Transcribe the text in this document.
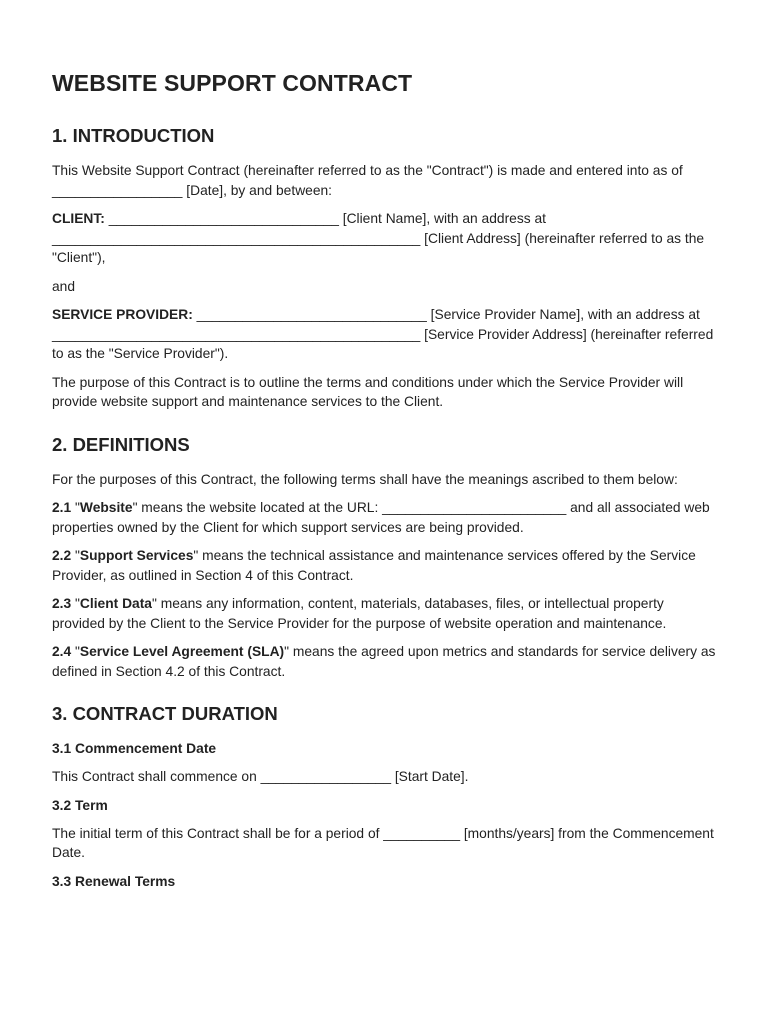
WEBSITE SUPPORT CONTRACT
1. INTRODUCTION

This Website Support Contract (hereinafter referred to as the "Contract") is made and entered into as of _________________ [Date], by and between:

CLIENT: ______________________________ [Client Name], with an address at ________________________________________________ [Client Address] (hereinafter referred to as the "Client"),

and

SERVICE PROVIDER: ______________________________ [Service Provider Name], with an address at ________________________________________________ [Service Provider Address] (hereinafter referred to as the "Service Provider").

The purpose of this Contract is to outline the terms and conditions under which the Service Provider will provide website support and maintenance services to the Client.

2. DEFINITIONS

For the purposes of this Contract, the following terms shall have the meanings ascribed to them below:

2.1 "Website" means the website located at the URL: ________________________ and all associated web properties owned by the Client for which support services are being provided.

2.2 "Support Services" means the technical assistance and maintenance services offered by the Service Provider, as outlined in Section 4 of this Contract.

2.3 "Client Data" means any information, content, materials, databases, files, or intellectual property provided by the Client to the Service Provider for the purpose of website operation and maintenance.

2.4 "Service Level Agreement (SLA)" means the agreed upon metrics and standards for service delivery as defined in Section 4.2 of this Contract.

3. CONTRACT DURATION
3.1 Commencement Date

This Contract shall commence on _________________ [Start Date].

3.2 Term

The initial term of this Contract shall be for a period of __________ [months/years] from the Commencement Date.

3.3 Renewal Terms
